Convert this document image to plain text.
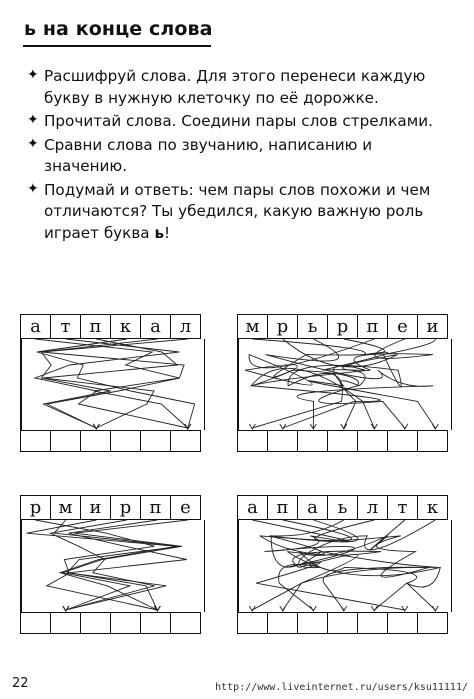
ь на конце слова
✦ Расшифруй слова. Для этого перенеси каждую букву в нужную клеточку по её дорожке.
✦ Прочитай слова. Соедини пары слов стрелками.
✦ Сравни слова по звучанию, написанию и значению.
✦ Подумай и ответь: чем пары слов похожи и чем отличаются? Ты убедился, какую важную роль играет буква ь!
а	т	п	к	а	л	м р	ь	р	п	е	и
р м и	р	п	е	а	п	а	ь	л	т	к
22	http://www.liveinternet.ru/users/ksu11111/
